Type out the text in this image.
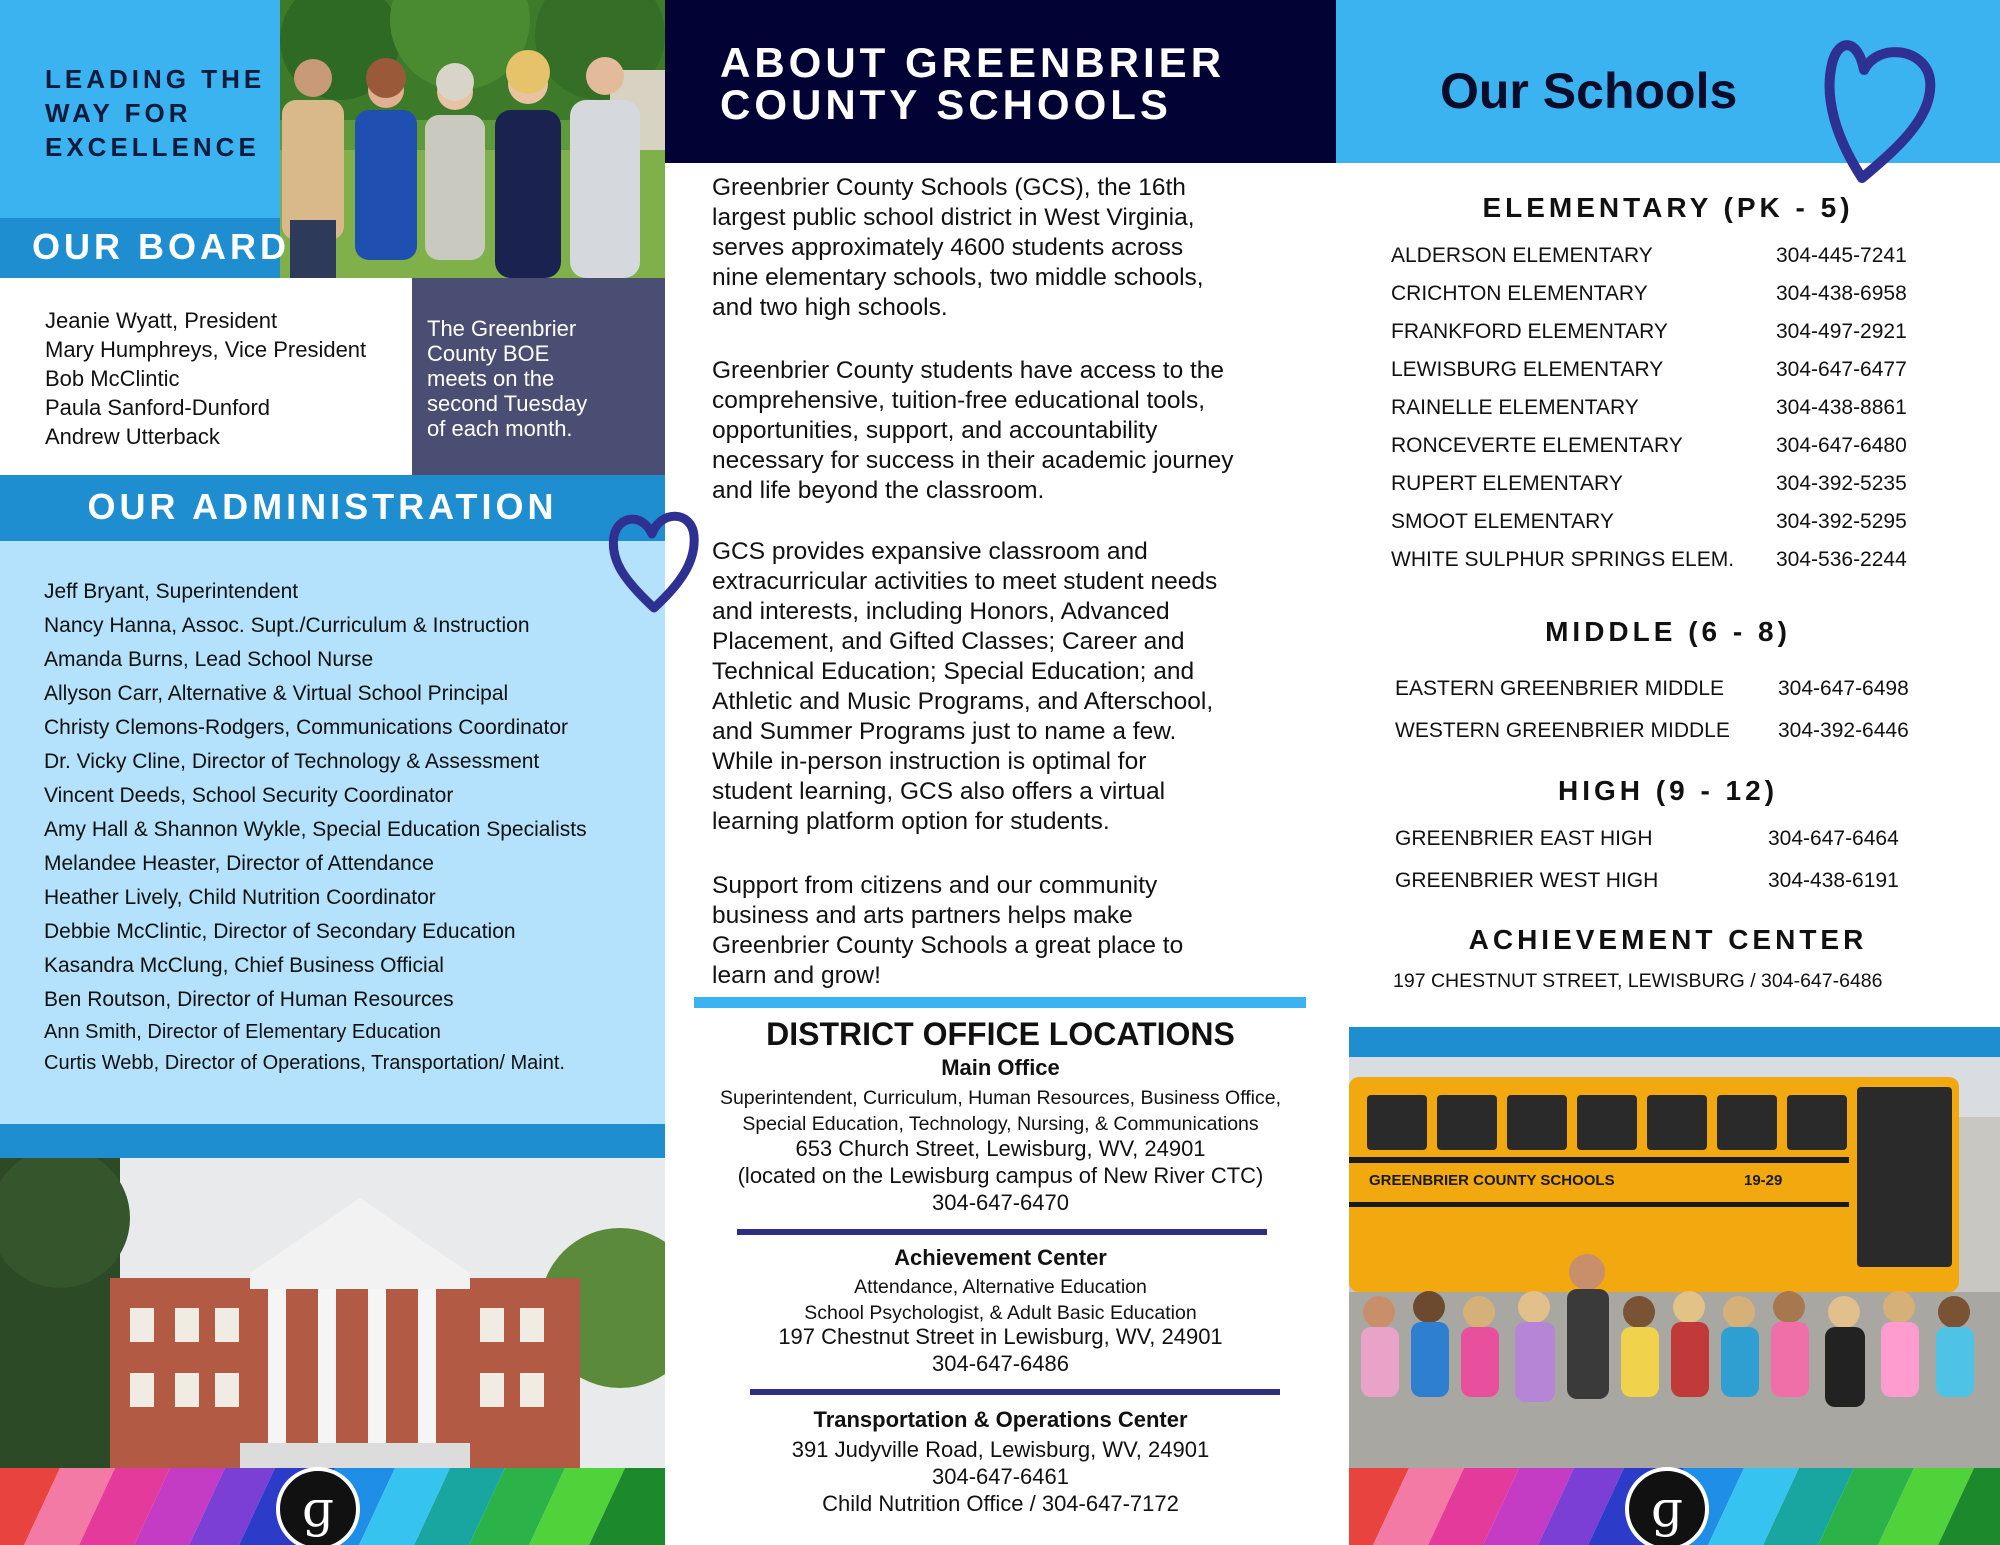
LEADING THE
WAY FOR
EXCELLENCE
OUR BOARD
Jeanie Wyatt, President
Mary Humphreys, Vice President
Bob McClintic
Paula Sanford-Dunford
Andrew Utterback
The Greenbrier
County BOE
meets on the
second Tuesday
of each month.
OUR ADMINISTRATION
Jeff Bryant, Superintendent
Nancy Hanna, Assoc. Supt./Curriculum & Instruction
Amanda Burns, Lead School Nurse
Allyson Carr, Alternative & Virtual School Principal
Christy Clemons-Rodgers, Communications Coordinator
Dr. Vicky Cline, Director of Technology & Assessment
Vincent Deeds, School Security Coordinator
Amy Hall & Shannon Wykle, Special Education Specialists
Melandee Heaster, Director of Attendance
Heather Lively, Child Nutrition Coordinator
Debbie McClintic, Director of Secondary Education
Kasandra McClung, Chief Business Official
Ben Routson, Director of Human Resources
Ann Smith, Director of Elementary Education
Curtis Webb, Director of Operations, Transportation/ Maint.
ɡ
ABOUT GREENBRIER
COUNTY SCHOOLS
Greenbrier County Schools (GCS), the 16th
largest public school district in West Virginia,
serves approximately 4600 students across
nine elementary schools, two middle schools,
and two high schools.
Greenbrier County students have access to the
comprehensive, tuition-free educational tools,
opportunities, support, and accountability
necessary for success in their academic journey
and life beyond the classroom.
GCS provides expansive classroom and
extracurricular activities to meet student needs
and interests, including Honors, Advanced
Placement, and Gifted Classes; Career and
Technical Education; Special Education; and
Athletic and Music Programs, and Afterschool,
and Summer Programs just to name a few.
While in-person instruction is optimal for
student learning, GCS also offers a virtual
learning platform option for students.
Support from citizens and our community
business and arts partners helps make
Greenbrier County Schools a great place to
learn and grow!
DISTRICT OFFICE LOCATIONS
Main Office
Superintendent, Curriculum, Human Resources, Business Office,
Special Education, Technology, Nursing, & Communications
653 Church Street, Lewisburg, WV, 24901
(located on the Lewisburg campus of New River CTC)
304-647-6470
Achievement Center
Attendance, Alternative Education
School Psychologist, & Adult Basic Education
197 Chestnut Street in Lewisburg, WV, 24901
304-647-6486
Transportation & Operations Center
391 Judyville Road, Lewisburg, WV, 24901
304-647-6461
Child Nutrition Office / 304-647-7172
Our Schools
ELEMENTARY (PK - 5)
ALDERSON ELEMENTARY	304-445-7241
CRICHTON ELEMENTARY	304-438-6958
FRANKFORD ELEMENTARY	304-497-2921
LEWISBURG ELEMENTARY	304-647-6477
RAINELLE ELEMENTARY	304-438-8861
RONCEVERTE ELEMENTARY	304-647-6480
RUPERT ELEMENTARY	304-392-5235
SMOOT ELEMENTARY	304-392-5295
WHITE SULPHUR SPRINGS ELEM. 304-536-2244
MIDDLE (6 - 8)
EASTERN GREENBRIER MIDDLE	304-647-6498
WESTERN GREENBRIER MIDDLE 304-392-6446
HIGH (9 - 12)
GREENBRIER EAST HIGH	304-647-6464
GREENBRIER WEST HIGH	304-438-6191
ACHIEVEMENT CENTER
197 CHESTNUT STREET, LEWISBURG / 304-647-6486
GREENBRIER COUNTY SCHOOLS	19-29
ɡ
